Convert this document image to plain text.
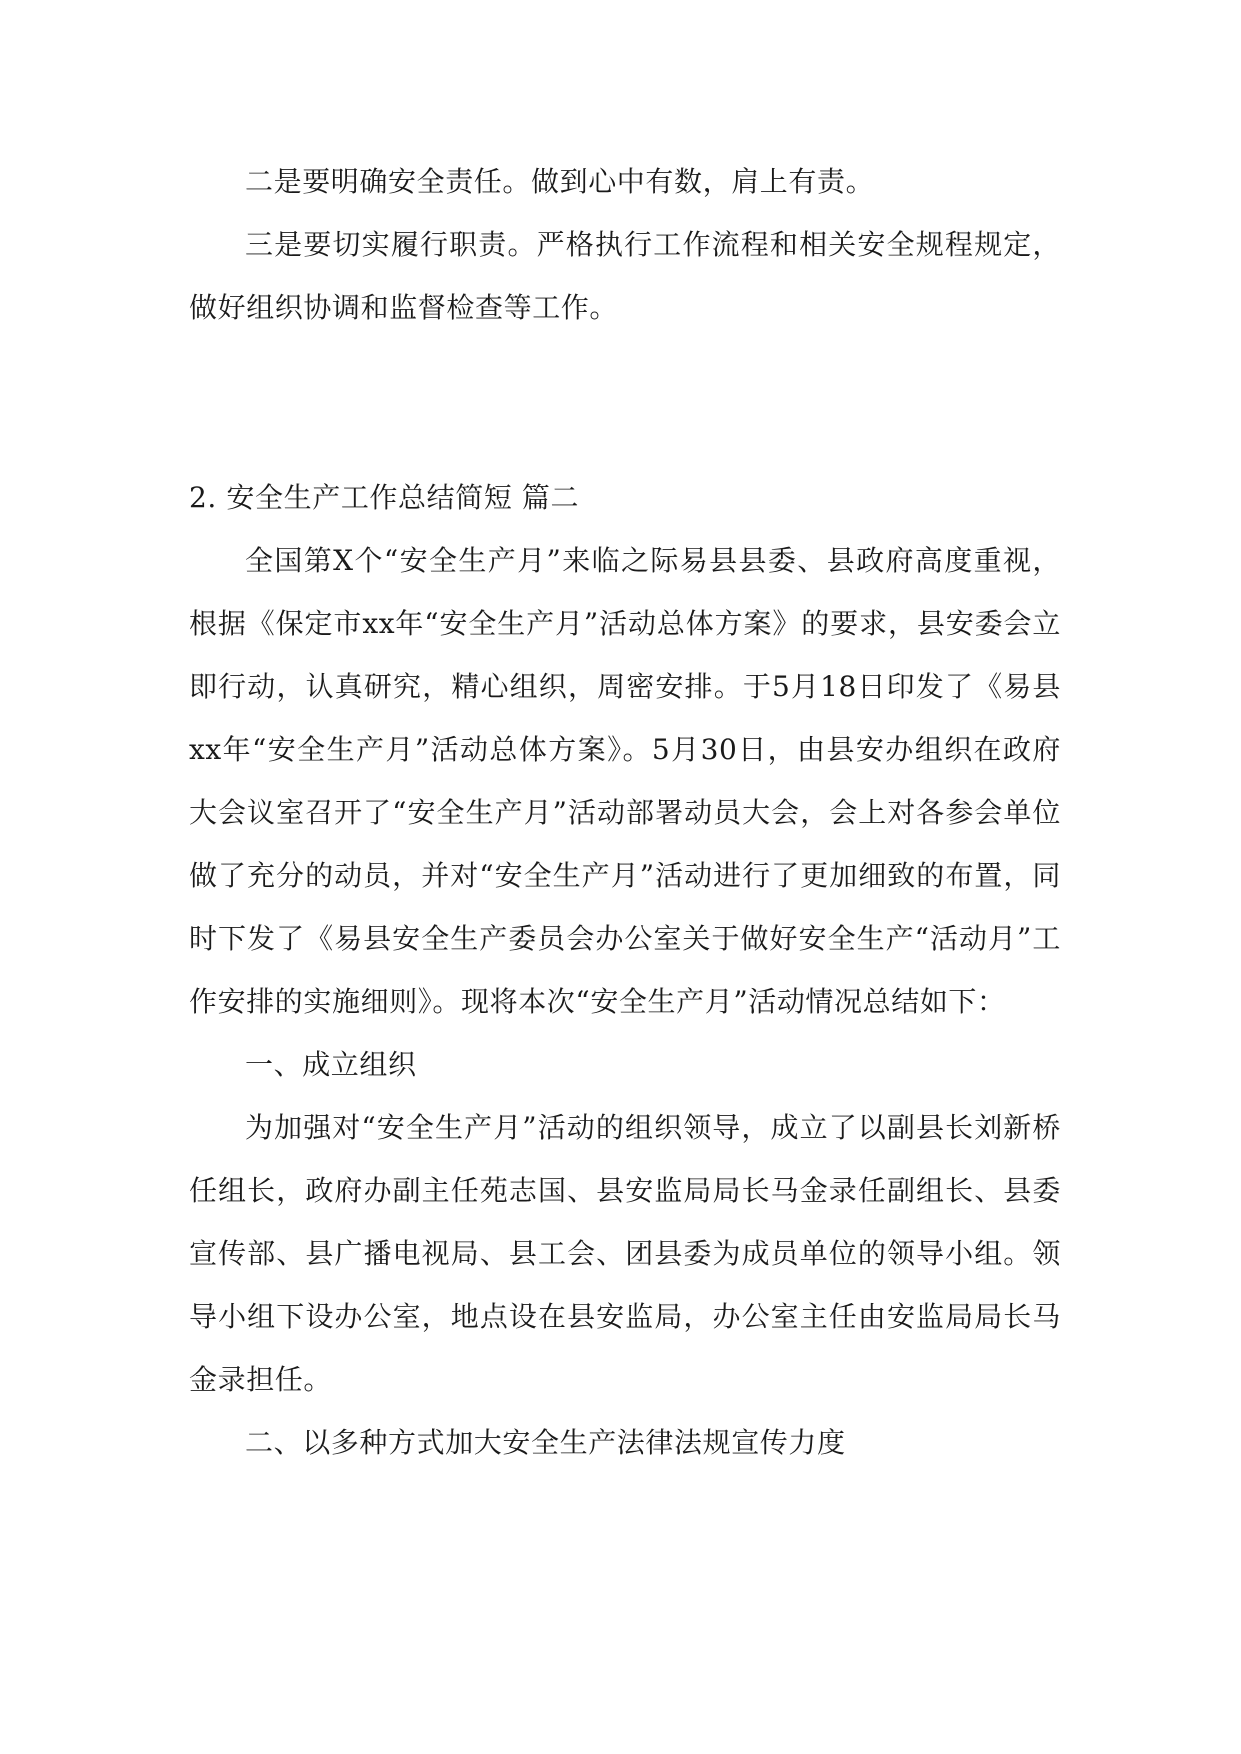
二是要明确安全责任。做到心中有数，肩上有责。

三是要切实履行职责。严格执行工作流程和相关安全规程规定，做好组织协调和监督检查等工作。

2. 安全生产工作总结简短 篇二

全国第Ⅹ个“安全生产月”来临之际易县县委、县政府高度重视，根据《保定市xx年“安全生产月”活动总体方案》的要求，县安委会立即行动，认真研究，精心组织，周密安排。于5月18日印发了《易县xx年“安全生产月”活动总体方案》。5月30日，由县安办组织在政府大会议室召开了“安全生产月”活动部署动员大会，会上对各参会单位做了充分的动员，并对“安全生产月”活动进行了更加细致的布置，同时下发了《易县安全生产委员会办公室关于做好安全生产“活动月”工作安排的实施细则》。现将本次“安全生产月”活动情况总结如下：

一、成立组织

为加强对“安全生产月”活动的组织领导，成立了以副县长刘新桥任组长，政府办副主任苑志国、县安监局局长马金录任副组长、县委宣传部、县广播电视局、县工会、团县委为成员单位的领导小组。领导小组下设办公室，地点设在县安监局，办公室主任由安监局局长马金录担任。

二、以多种方式加大安全生产法律法规宣传力度
